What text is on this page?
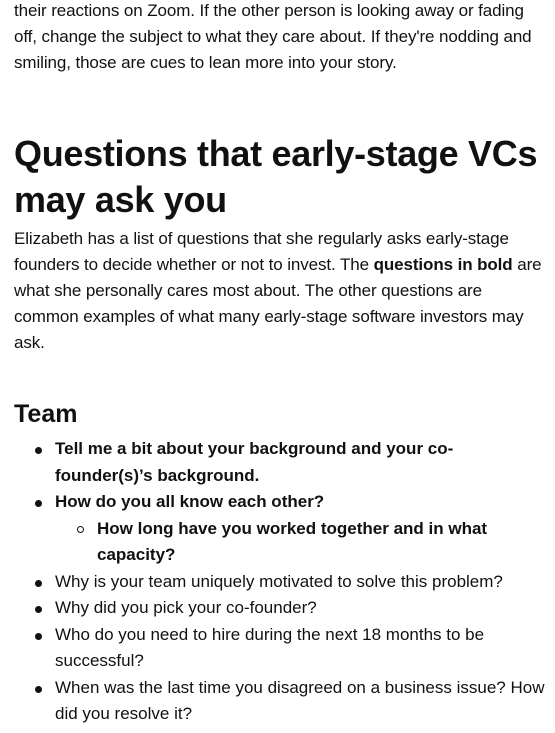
their reactions on Zoom. If the other person is looking away or fading off, change the subject to what they care about. If they're nodding and smiling, those are cues to lean more into your story.

Questions that early-stage VCs may ask you

Elizabeth has a list of questions that she regularly asks early-stage founders to decide whether or not to invest. The questions in bold are what she personally cares most about. The other questions are common examples of what many early-stage software investors may ask.

Team
Tell me a bit about your background and your co-founder(s)’s background.
How do you all know each other?
How long have you worked together and in what capacity?
Why is your team uniquely motivated to solve this problem?
Why did you pick your co-founder?
Who do you need to hire during the next 18 months to be successful?
When was the last time you disagreed on a business issue? How did you resolve it?
